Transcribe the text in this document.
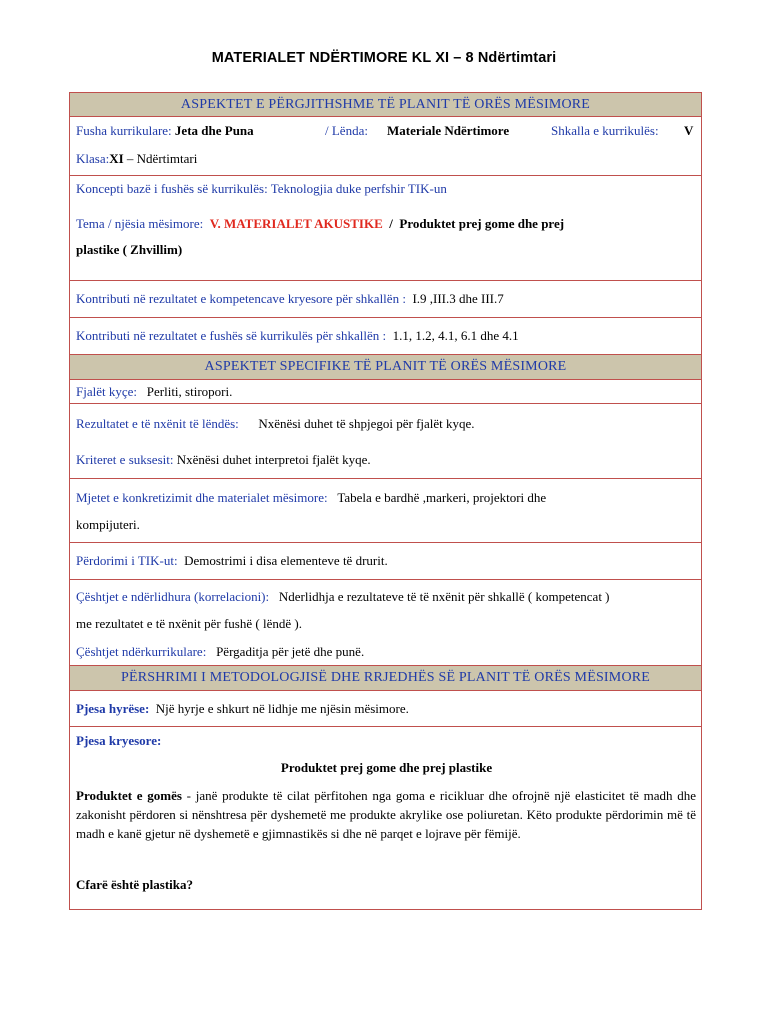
MATERIALET NDËRTIMORE KL XI – 8 Ndërtimtari
ASPEKTET E PËRGJITHSHME TË PLANIT TË ORËS MËSIMORE
Fusha kurrikulare: Jeta dhe Puna	/ Lënda: Materiale Ndërtimore	Shkalla e kurrikulës: V
Klasa:XI – Ndërtimtari
Koncepti bazë i fushës së kurrikulës: Teknologjia duke perfshir TIK-un
Tema / njësia mësimore: V. MATERIALET AKUSTIKE / Produktet prej gome dhe prej
plastike ( Zhvillim)
Kontributi në rezultatet e kompetencave kryesore për shkallën :
I.9 ,III.3 dhe III.7
Kontributi në rezultatet e fushës së kurrikulës për shkallën :
1.1, 1.2, 4.1, 6.1 dhe 4.1
ASPEKTET SPECIFIKE TË PLANIT TË ORËS MËSIMORE
Fjalët kyçe:
Perliti, stiropori.
Rezultatet e të nxënit të lëndës: Nxënësi duhet të shpjegoi për fjalët kyqe.
Kriteret e suksesit: Nxënësi duhet interpretoi fjalët kyqe.
Mjetet e konkretizimit dhe materialet mësimore: Tabela e bardhë ,markeri, projektori dhe
kompijuteri.
Përdorimi i TIK-ut:
Demostrimi i disa elementeve të drurit.
Çështjet e ndërlidhura (korrelacioni): Nderlidhja e rezultateve të të nxënit për shkallë ( kompetencat )
me rezultatet e të nxënit për fushë ( lëndë ).
Çështjet ndërkurrikulare: Përgaditja për jetë dhe punë.
PËRSHRIMI I METODOLOGJISË DHE RRJEDHËS SË PLANIT TË ORËS MËSIMORE
Pjesa hyrëse:
Një hyrje e shkurt në lidhje me njësin mësimore.
Pjesa kryesore:
Produktet prej gome dhe prej plastike
Produktet e gomës - janë produkte të cilat përfitohen nga goma e ricikluar dhe ofrojnë një elasticitet të madh dhe zakonisht përdoren si nënshtresa për dyshemetë me produkte akrylike ose poliuretan. Këto produkte përdorimin më të madh e kanë gjetur në dyshemetë e gjimnastikës si dhe në parqet e lojrave për fëmijë.
Cfarë është plastika?
